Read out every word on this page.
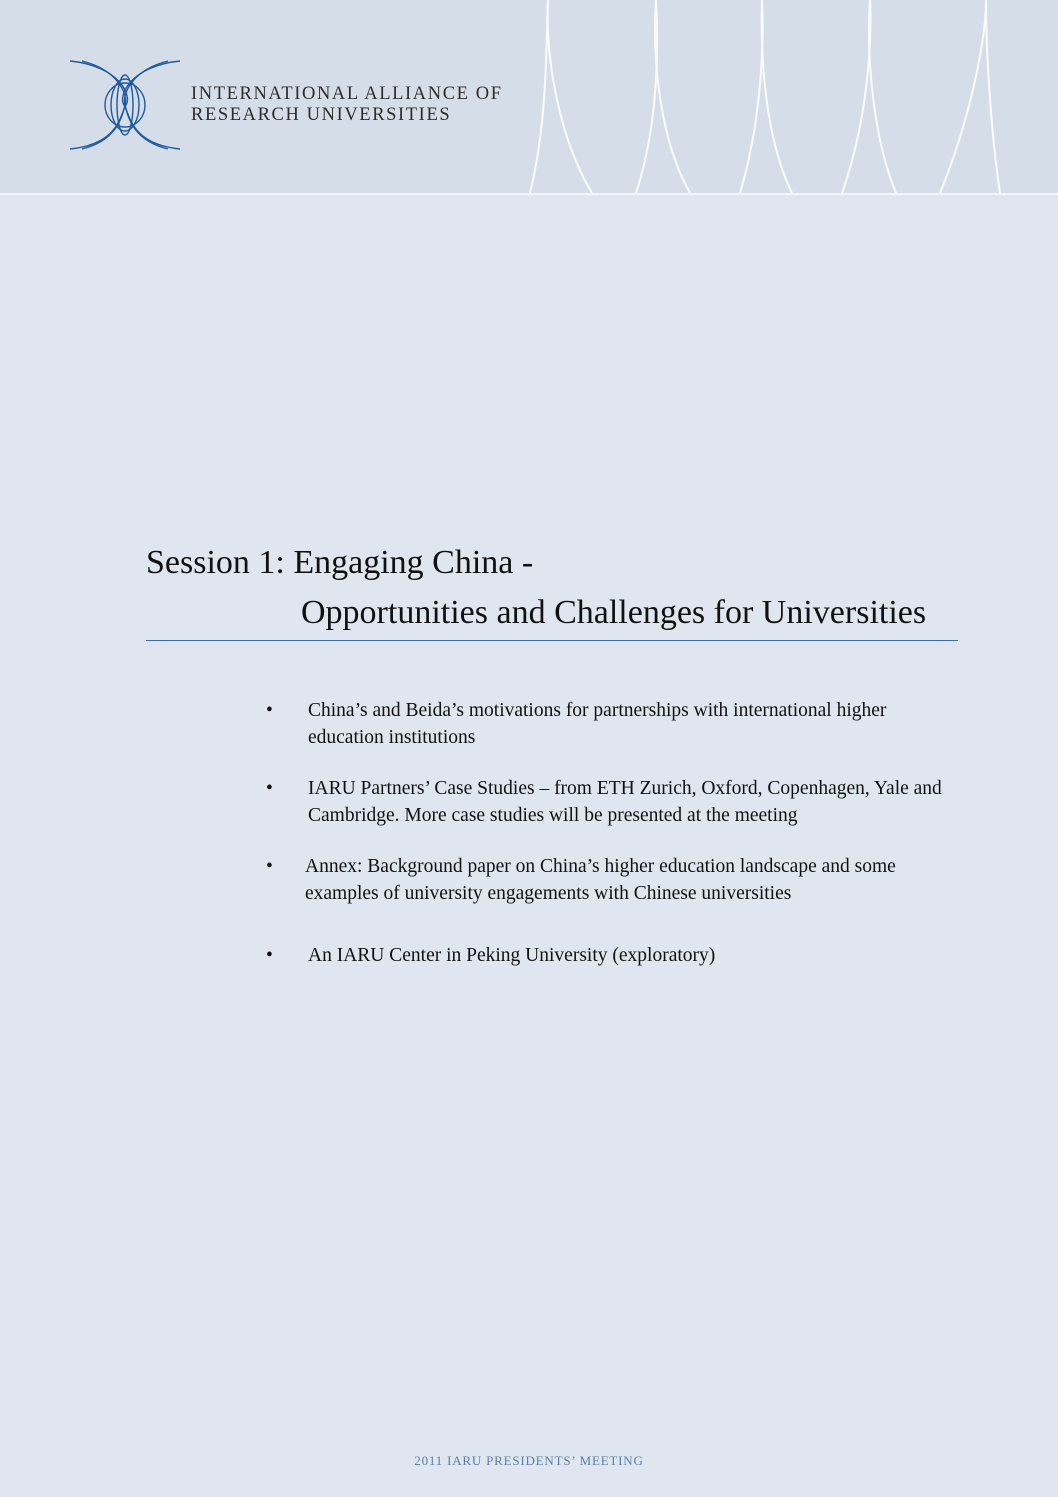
INTERNATIONAL ALLIANCE OF
RESEARCH UNIVERSITIES
Session 1: Engaging China -
Opportunities and Challenges for Universities
• China’s and Beida’s motivations for partnerships with international higher education institutions
• IARU Partners’ Case Studies – from ETH Zurich, Oxford, Copenhagen, Yale and Cambridge. More case studies will be presented at the meeting
• Annex: Background paper on China’s higher education landscape and some examples of university engagements with Chinese universities
• An IARU Center in Peking University (exploratory)
2011 IARU PRESIDENTS’ MEETING
